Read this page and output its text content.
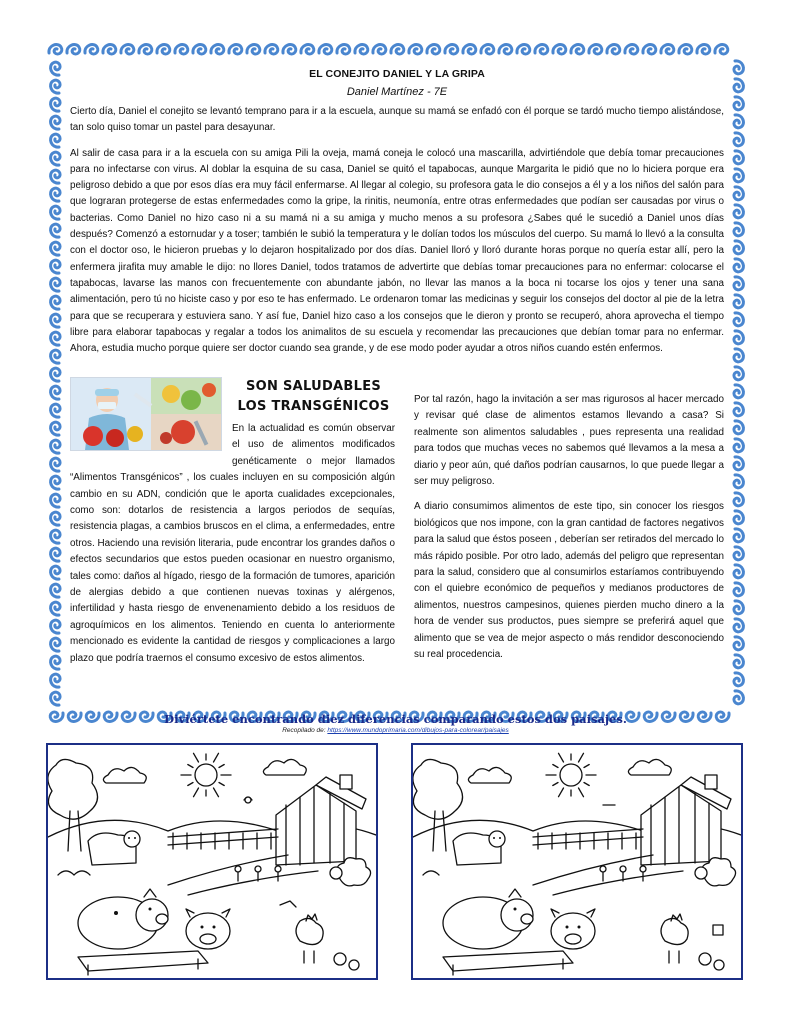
EL CONEJITO DANIEL Y LA GRIPA

Daniel Martínez - 7E

Cierto día, Daniel el conejito se levantó temprano para ir a la escuela, aunque su mamá se enfadó con él porque se tardó mucho tiempo alistándose, tan solo quiso tomar un pastel para desayunar.

Al salir de casa para ir a la escuela con su amiga Pili la oveja, mamá coneja le colocó una mascarilla, advirtiéndole que debía tomar precauciones para no infectarse con virus. Al doblar la esquina de su casa, Daniel se quitó el tapabocas, aunque Margarita le pidió que no lo hiciera porque era peligroso debido a que por esos días era muy fácil enfermarse. Al llegar al colegio, su profesora gata le dio consejos a él y a los niños del salón para que lograran protegerse de estas enfermedades como la gripe, la rinitis, neumonía, entre otras enfermedades que podían ser causadas por virus o bacterias. Como Daniel no hizo caso ni a su mamá ni a su amiga y mucho menos a su profesora ¿Sabes qué le sucedió a Daniel unos días después? Comenzó a estornudar y a toser; también le subió la temperatura y le dolían todos los músculos del cuerpo. Su mamá lo llevó a la consulta con el doctor oso, le hicieron pruebas y lo dejaron hospitalizado por dos días. Daniel lloró y lloró durante horas porque no quería estar allí, pero la enfermera jirafita muy amable le dijo: no llores Daniel, todos tratamos de advertirte que debías tomar precauciones para no enfermar: colocarse el tapabocas, lavarse las manos con frecuentemente con abundante jabón, no llevar las manos a la boca ni tocarse los ojos y tener una sana alimentación, pero tú no hiciste caso y por eso te has enfermado. Le ordenaron tomar las medicinas y seguir los consejos del doctor al pie de la letra para que se recuperara y estuviera sano. Y así fue, Daniel hizo caso a los consejos que le dieron y pronto se recuperó, ahora aprovecha el tiempo libre para elaborar tapabocas y regalar a todos los animalitos de su escuela y recomendar las precauciones que debían tomar para no enfermar. Ahora, estudia mucho porque quiere ser doctor cuando sea grande, y de ese modo poder ayudar a otros niños cuando estén enfermos.

SON SALUDABLES LOS TRANSGÉNICOS

En la actualidad es común observar el uso de alimentos modificados genéticamente o mejor llamados “Alimentos Transgénicos” , los cuales incluyen en su composición algún cambio en su ADN, condición que le aporta cualidades excepcionales, como son: dotarlos de resistencia a largos periodos de sequías, resistencia plagas, a cambios bruscos en el clima, a enfermedades, entre otros. Haciendo una revisión literaria, pude encontrar los grandes daños o efectos secundarios que estos pueden ocasionar en nuestro organismo, tales como: daños al hígado, riesgo de la formación de tumores, aparición de alergias debido a que contienen nuevas toxinas y alérgenos, infertilidad y hasta riesgo de envenenamiento debido a los residuos de agroquímicos en los alimentos. Teniendo en cuenta lo anteriormente mencionado es evidente la cantidad de riesgos y complicaciones a largo plazo que podría traernos el consumo excesivo de estos alimentos.

Por tal razón, hago la invitación a ser mas rigurosos al hacer mercado y revisar qué clase de alimentos estamos llevando a casa? Si realmente son alimentos saludables , pues representa una realidad para todos que muchas veces no sabemos qué llevamos a la mesa a diario y peor aún, qué daños podrían causarnos, lo que puede llegar a ser muy peligroso.

A diario consumimos alimentos de este tipo, sin conocer los riesgos biológicos que nos impone, con la gran cantidad de factores negativos para la salud que éstos poseen , deberían ser retirados del mercado lo más rápido posible. Por otro lado, además del peligro que representan para la salud, considero que al consumirlos estaríamos contribuyendo con el quiebre económico de pequeños y medianos productores de alimentos, nuestros campesinos, quienes pierden mucho dinero a la hora de vender sus productos, pues siempre se preferirá aquel que alimento que se vea de mejor aspecto o más rendidor desconociendo su real procedencia.

Diviértete encontrando diez diferencias comparando estos dos paisajes.
Recopilado de: https://www.mundoprimaria.com/dibujos-para-colorear/paisajes
